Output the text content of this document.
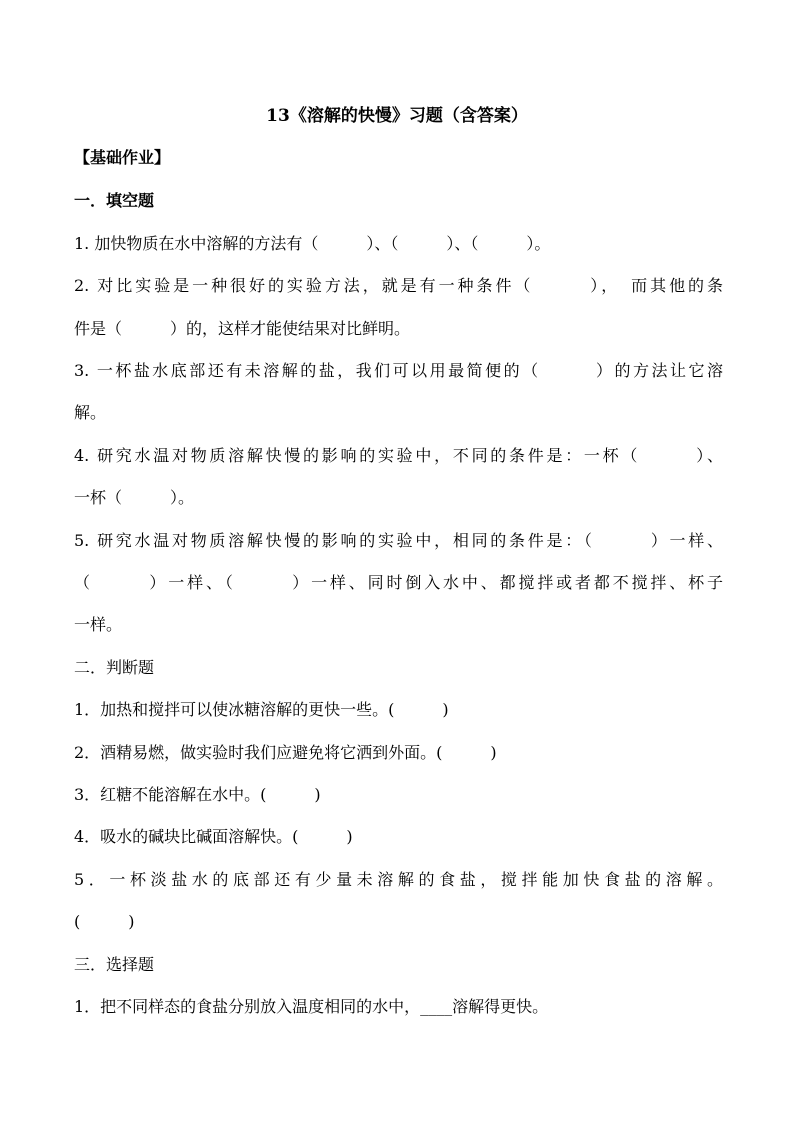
13《溶解的快慢》习题（含答案）
【基础作业】
一．填空题
1. 加快物质在水中溶解的方法有（　　　）、（　　　）、（　　　）。
2. 对比实验是一种很好的实验方法，就是有一种条件（　　　），　而其他的条
件是（　　　）的，这样才能使结果对比鲜明。
3. 一杯盐水底部还有未溶解的盐，我们可以用最简便的（　　　）的方法让它溶
解。
4. 研究水温对物质溶解快慢的影响的实验中，不同的条件是：一杯（　　　）、
一杯（　　　）。
5. 研究水温对物质溶解快慢的影响的实验中，相同的条件是：（　　　）一样、
（　　　）一样、（　　　）一样、同时倒入水中、都搅拌或者都不搅拌、杯子
一样。
二．判断题
1．加热和搅拌可以使冰糖溶解的更快一些。(　　　)
2．酒精易燃，做实验时我们应避免将它洒到外面。(　　　)
3．红糖不能溶解在水中。(　　　)
4．吸水的碱块比碱面溶解快。(　　　)
5．一杯淡盐水的底部还有少量未溶解的食盐，搅拌能加快食盐的溶解。
(　　　)
三．选择题
1．把不同样态的食盐分别放入温度相同的水中，____溶解得更快。
